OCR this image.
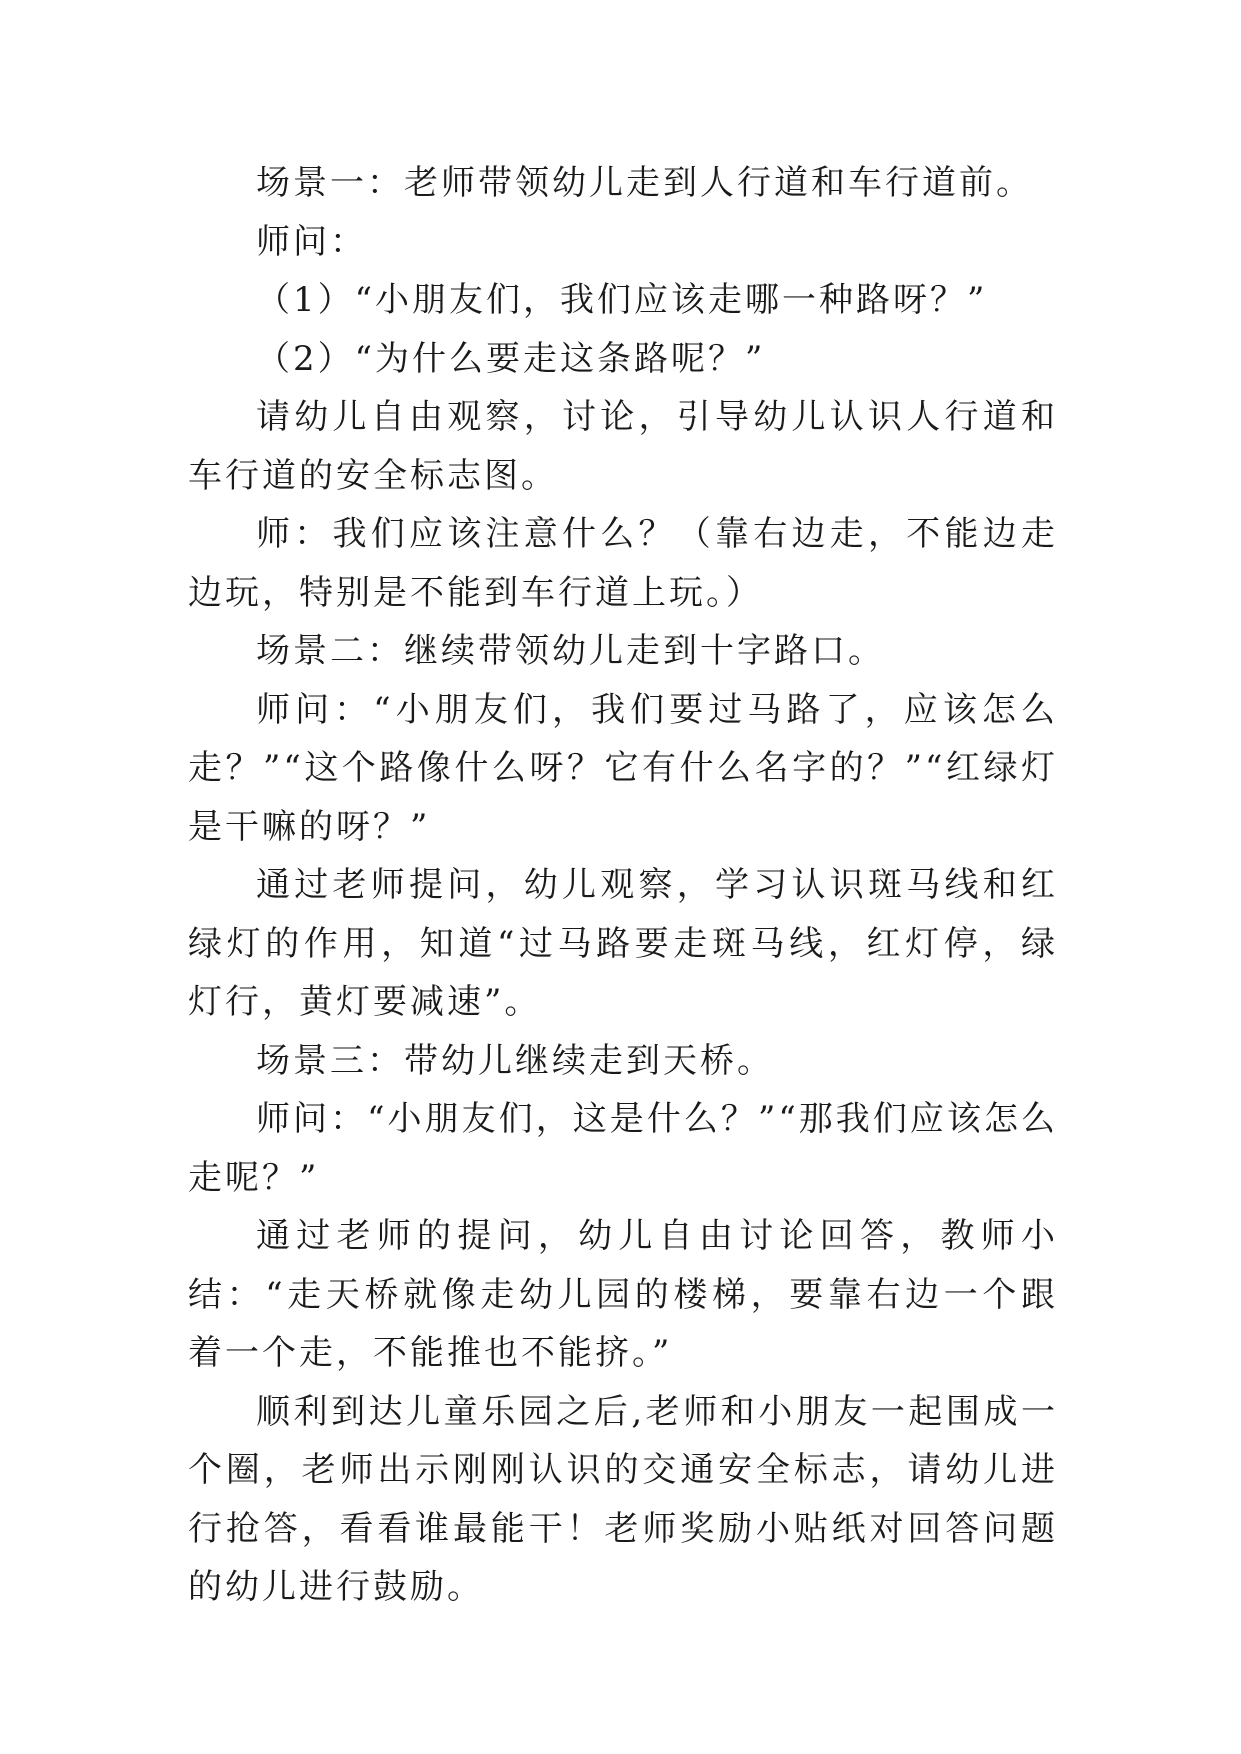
场景一：老师带领幼儿走到人行道和车行道前。

师问：

（1）“小朋友们，我们应该走哪一种路呀？”

（2）“为什么要走这条路呢？”

请幼儿自由观察，讨论，引导幼儿认识人行道和车行道的安全标志图。

师：我们应该注意什么？（靠右边走，不能边走边玩，特别是不能到车行道上玩。）

场景二：继续带领幼儿走到十字路口。

师问：“小朋友们，我们要过马路了，应该怎么走？”“这个路像什么呀？它有什么名字的？”“红绿灯是干嘛的呀？”

通过老师提问，幼儿观察，学习认识斑马线和红绿灯的作用，知道“过马路要走斑马线，红灯停，绿灯行，黄灯要减速”。

场景三：带幼儿继续走到天桥。

师问：“小朋友们，这是什么？”“那我们应该怎么走呢？”

通过老师的提问，幼儿自由讨论回答，教师小结：“走天桥就像走幼儿园的楼梯，要靠右边一个跟着一个走，不能推也不能挤。”

顺利到达儿童乐园之后,老师和小朋友一起围成一个圈，老师出示刚刚认识的交通安全标志，请幼儿进行抢答，看看谁最能干！老师奖励小贴纸对回答问题的幼儿进行鼓励。
